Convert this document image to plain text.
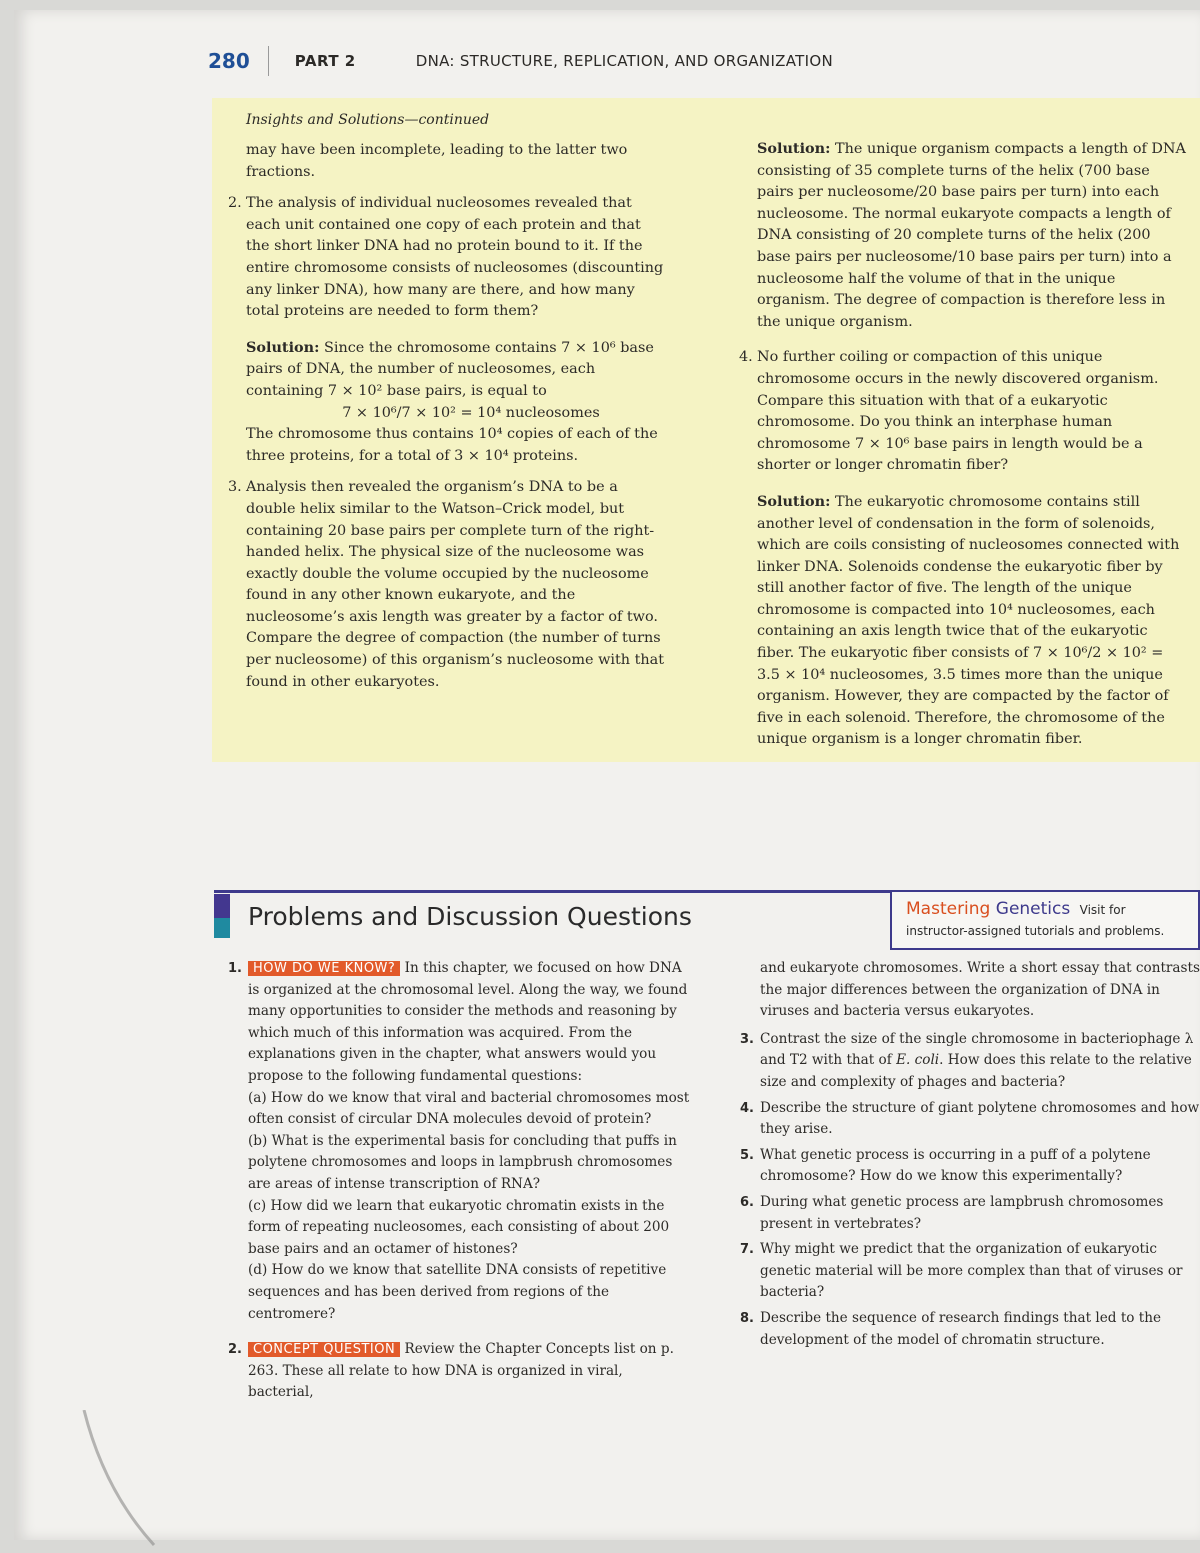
280	PART 2	DNA: STRUCTURE, REPLICATION, AND ORGANIZATION
Insights and Solutions—continued

may have been incomplete, leading to the latter two fractions.

2. The analysis of individual nucleosomes revealed that each unit contained one copy of each protein and that the short linker DNA had no protein bound to it. If the entire chromosome consists of nucleosomes (discounting any linker DNA), how many are there, and how many total proteins are needed to form them?

Solution: Since the chromosome contains 7 × 10⁶ base pairs of DNA, the number of nucleosomes, each containing 7 × 10² base pairs, is equal to

7 × 10⁶/7 × 10² = 10⁴ nucleosomes

The chromosome thus contains 10⁴ copies of each of the three proteins, for a total of 3 × 10⁴ proteins.

3. Analysis then revealed the organism’s DNA to be a double helix similar to the Watson–Crick model, but containing 20 base pairs per complete turn of the right-handed helix. The physical size of the nucleosome was exactly double the volume occupied by the nucleosome found in any other known eukaryote, and the nucleosome’s axis length was greater by a factor of two. Compare the degree of compaction (the number of turns per nucleosome) of this organism’s nucleosome with that found in other eukaryotes.

Solution: The unique organism compacts a length of DNA consisting of 35 complete turns of the helix (700 base pairs per nucleosome/20 base pairs per turn) into each nucleosome. The normal eukaryote compacts a length of DNA consisting of 20 complete turns of the helix (200 base pairs per nucleosome/10 base pairs per turn) into a nucleosome half the volume of that in the unique organism. The degree of compaction is therefore less in the unique organism.

4. No further coiling or compaction of this unique chromosome occurs in the newly discovered organism. Compare this situation with that of a eukaryotic chromosome. Do you think an interphase human chromosome 7 × 10⁶ base pairs in length would be a shorter or longer chromatin fiber?

Solution: The eukaryotic chromosome contains still another level of condensation in the form of solenoids, which are coils consisting of nucleosomes connected with linker DNA. Solenoids condense the eukaryotic fiber by still another factor of five. The length of the unique chromosome is compacted into 10⁴ nucleosomes, each containing an axis length twice that of the eukaryotic fiber. The eukaryotic fiber consists of 7 × 10⁶/2 × 10² = 3.5 × 10⁴ nucleosomes, 3.5 times more than the unique organism. However, they are compacted by the factor of five in each solenoid. Therefore, the chromosome of the unique organism is a longer chromatin fiber.

Problems and Discussion Questions	Mastering Genetics Visit for
instructor-assigned tutorials and problems.
1. HOW DO WE KNOW? In this chapter, we focused on how DNA is organized at the chromosomal level. Along the way, we found many opportunities to consider the methods and reasoning by which much of this information was acquired. From the explanations given in the chapter, what answers would you propose to the following fundamental questions:

(a) How do we know that viral and bacterial chromosomes most often consist of circular DNA molecules devoid of protein?

(b) What is the experimental basis for concluding that puffs in polytene chromosomes and loops in lampbrush chromosomes are areas of intense transcription of RNA?

(c) How did we learn that eukaryotic chromatin exists in the form of repeating nucleosomes, each consisting of about 200 base pairs and an octamer of histones?

(d) How do we know that satellite DNA consists of repetitive sequences and has been derived from regions of the centromere?

2. CONCEPT QUESTION Review the Chapter Concepts list on p. 263. These all relate to how DNA is organized in viral, bacterial,

and eukaryote chromosomes. Write a short essay that contrasts the major differences between the organization of DNA in viruses and bacteria versus eukaryotes.

3. Contrast the size of the single chromosome in bacteriophage λ and T2 with that of E. coli. How does this relate to the relative size and complexity of phages and bacteria?

4. Describe the structure of giant polytene chromosomes and how they arise.

5. What genetic process is occurring in a puff of a polytene chromosome? How do we know this experimentally?

6. During what genetic process are lampbrush chromosomes present in vertebrates?

7. Why might we predict that the organization of eukaryotic genetic material will be more complex than that of viruses or bacteria?

8. Describe the sequence of research findings that led to the development of the model of chromatin structure.
